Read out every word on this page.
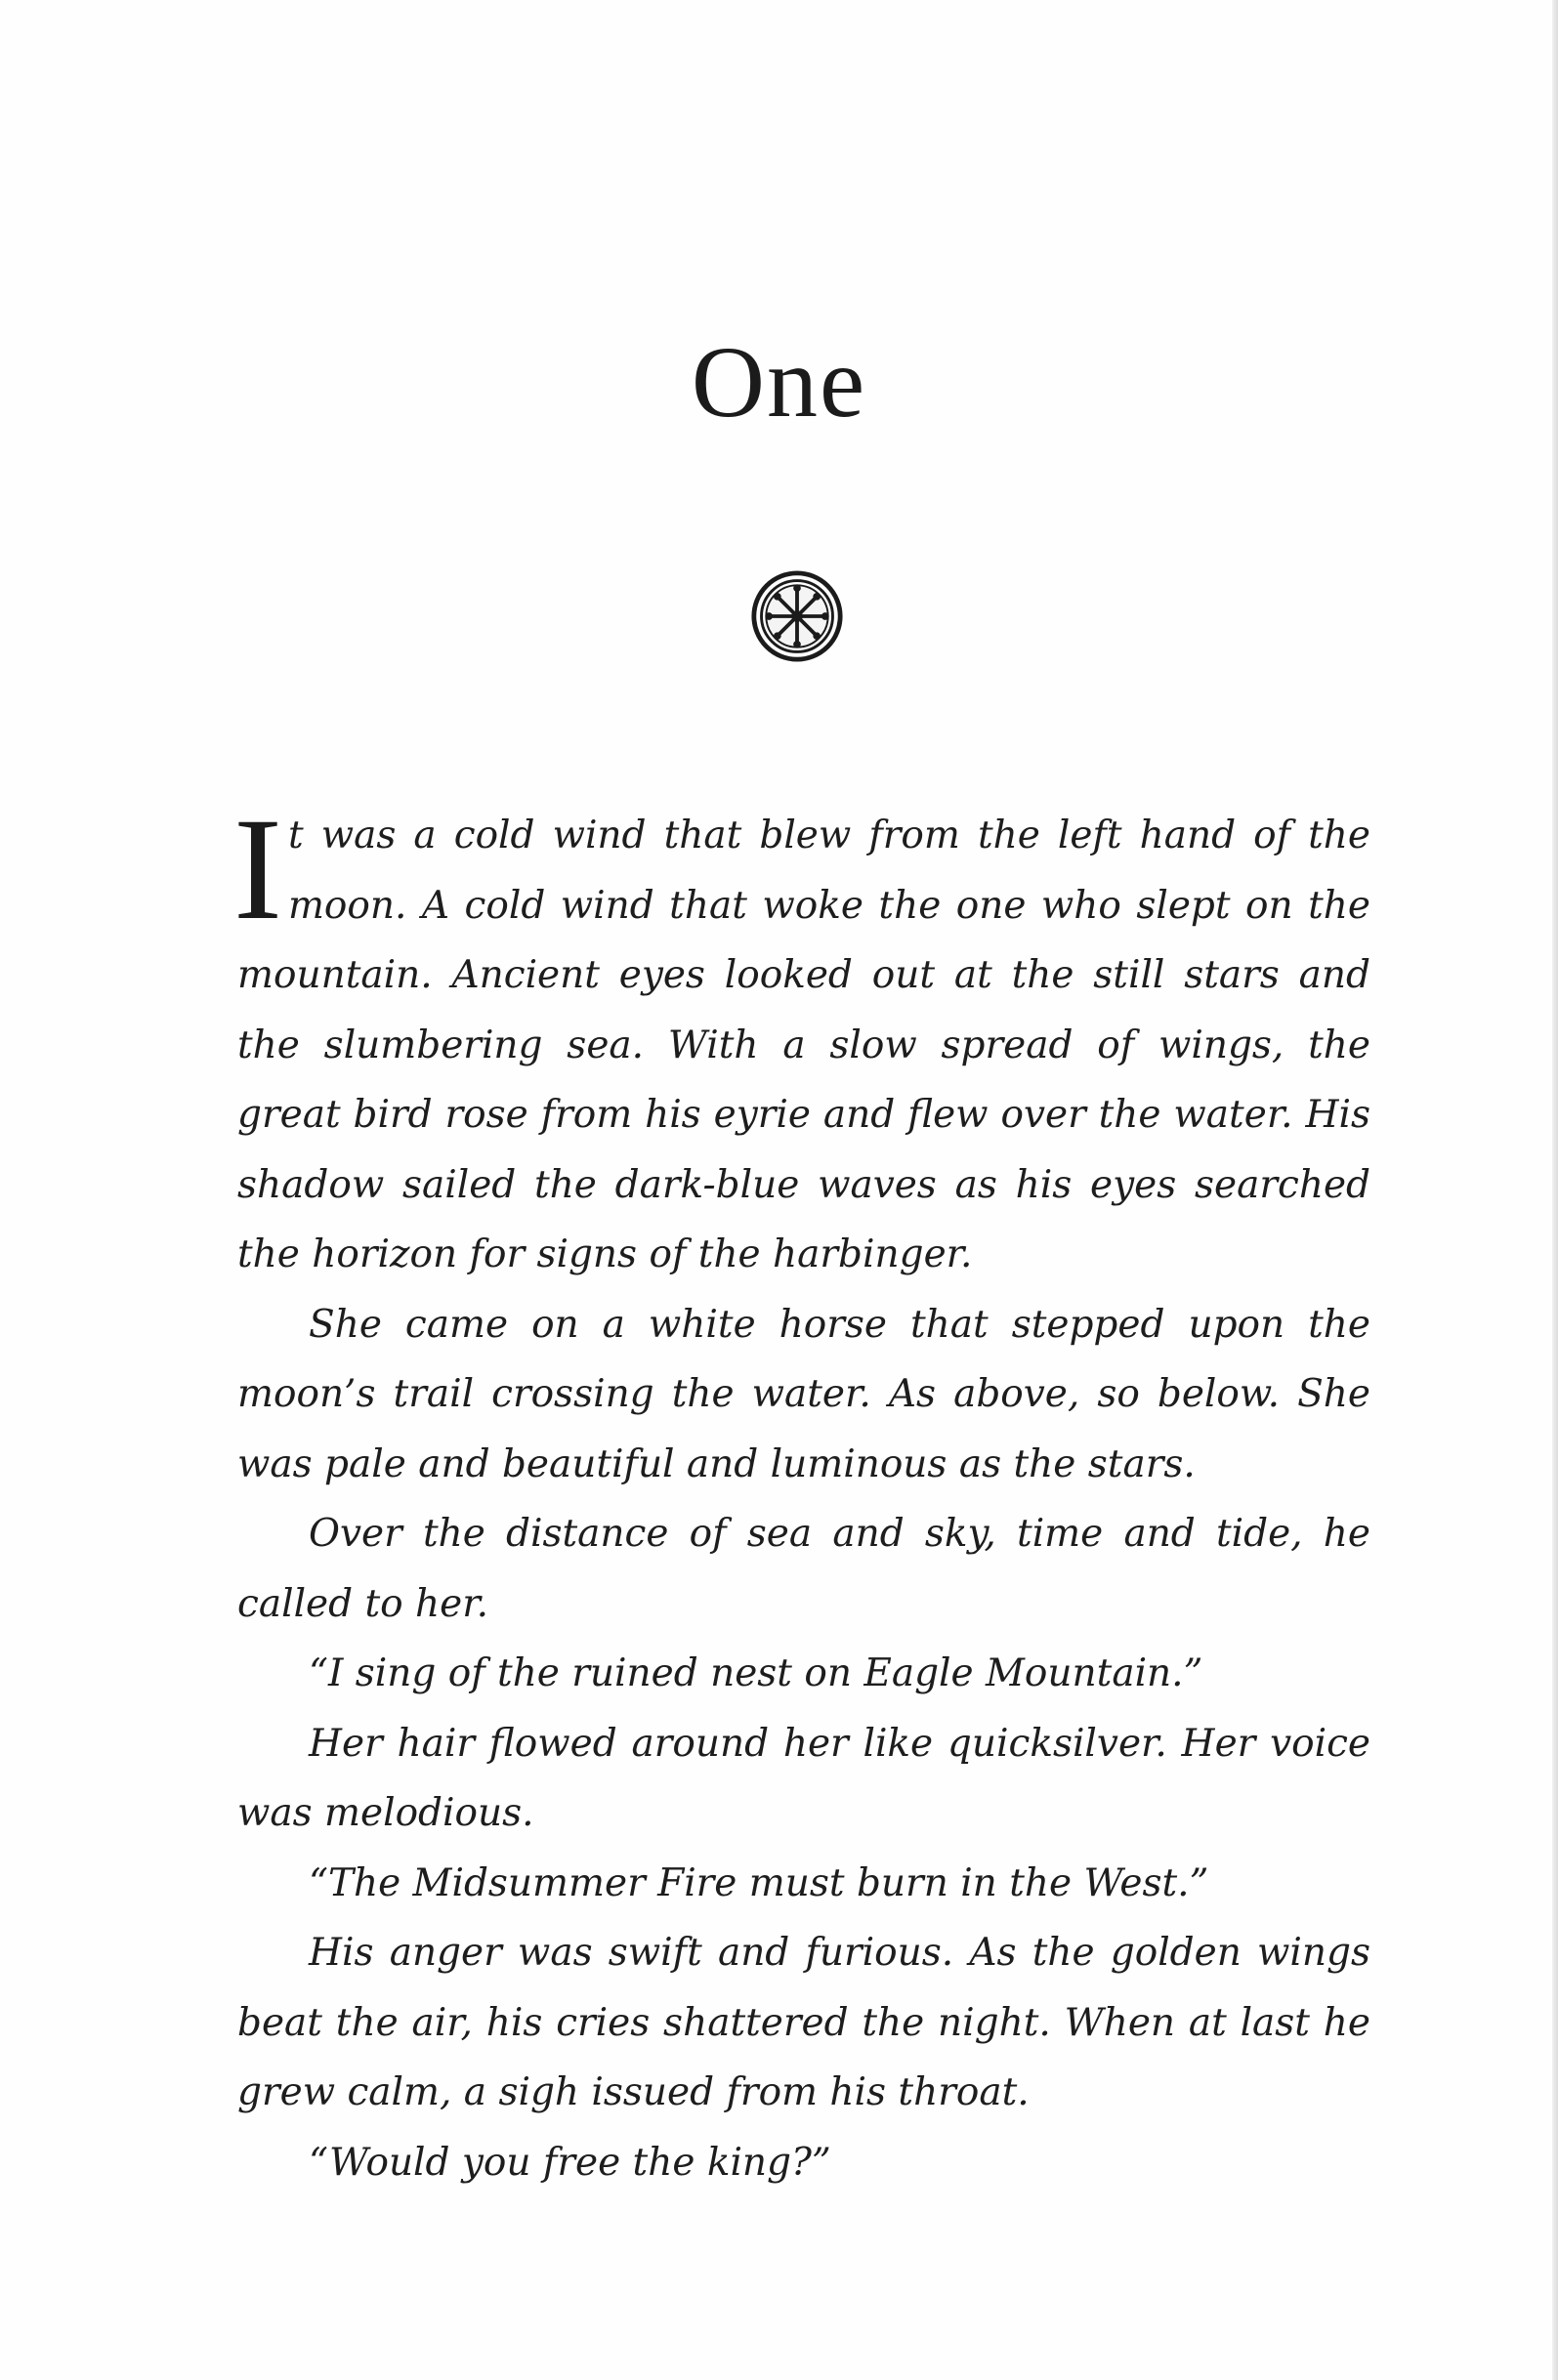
One

It was a cold wind that blew from the left hand of the moon. A cold wind that woke the one who slept on the mountain. Ancient eyes looked out at the still stars and the slumbering sea. With a slow spread of wings, the great bird rose from his eyrie and flew over the water. His shadow sailed the dark-blue waves as his eyes searched the horizon for signs of the harbinger.

She came on a white horse that stepped upon the moon’s trail crossing the water. As above, so below. She was pale and beautiful and luminous as the stars.

Over the distance of sea and sky, time and tide, he called to her.

“I sing of the ruined nest on Eagle Mountain.”

Her hair flowed around her like quicksilver. Her voice was melodious.

“The Midsummer Fire must burn in the West.”

His anger was swift and furious. As the golden wings beat the air, his cries shattered the night. When at last he grew calm, a sigh issued from his throat.

“Would you free the king?”
